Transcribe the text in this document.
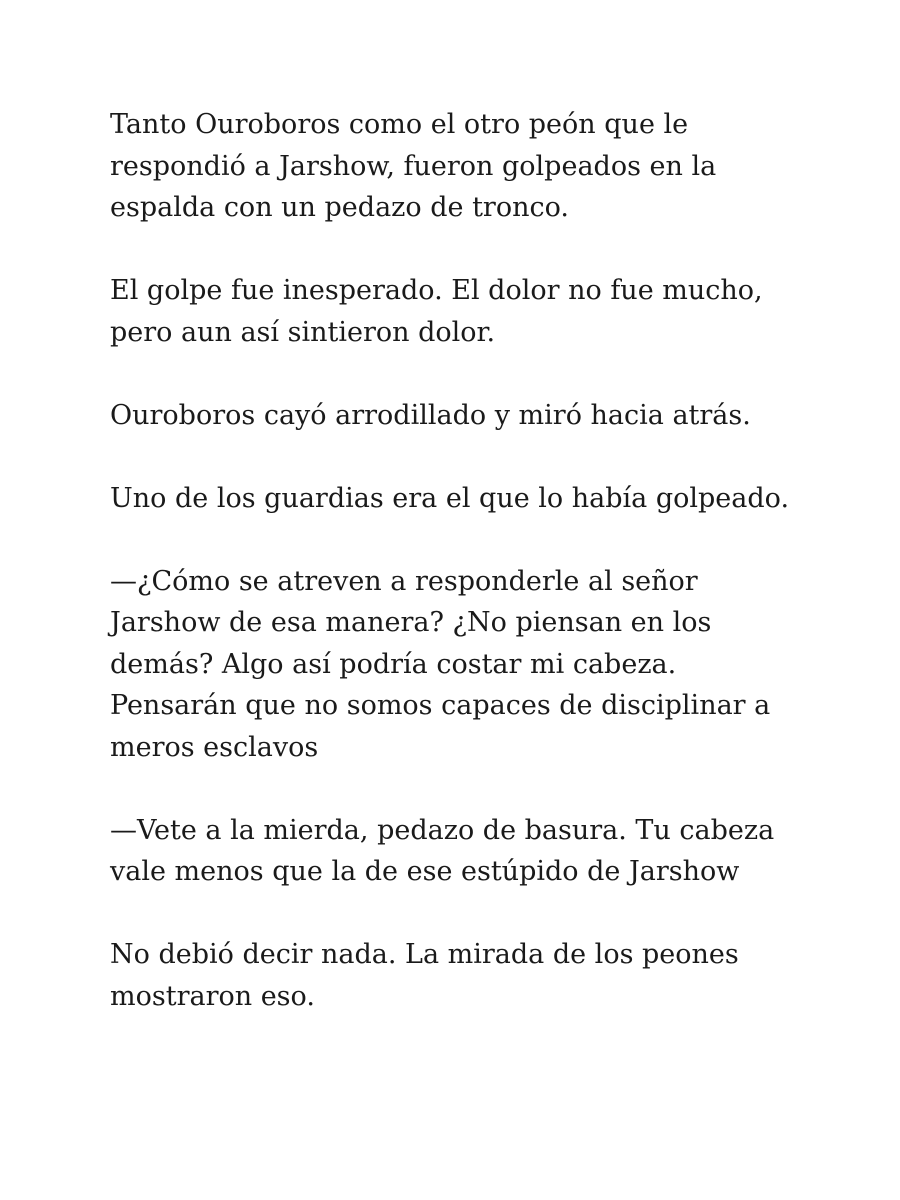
Tanto Ouroboros como el otro peón que le
respondió a Jarshow, fueron golpeados en la
espalda con un pedazo de tronco.

El golpe fue inesperado. El dolor no fue mucho,
pero aun así sintieron dolor.

Ouroboros cayó arrodillado y miró hacia atrás.

Uno de los guardias era el que lo había golpeado.

—¿Cómo se atreven a responderle al señor
Jarshow de esa manera? ¿No piensan en los
demás? Algo así podría costar mi cabeza.
Pensarán que no somos capaces de disciplinar a
meros esclavos

—Vete a la mierda, pedazo de basura. Tu cabeza
vale menos que la de ese estúpido de Jarshow

No debió decir nada. La mirada de los peones
mostraron eso.
